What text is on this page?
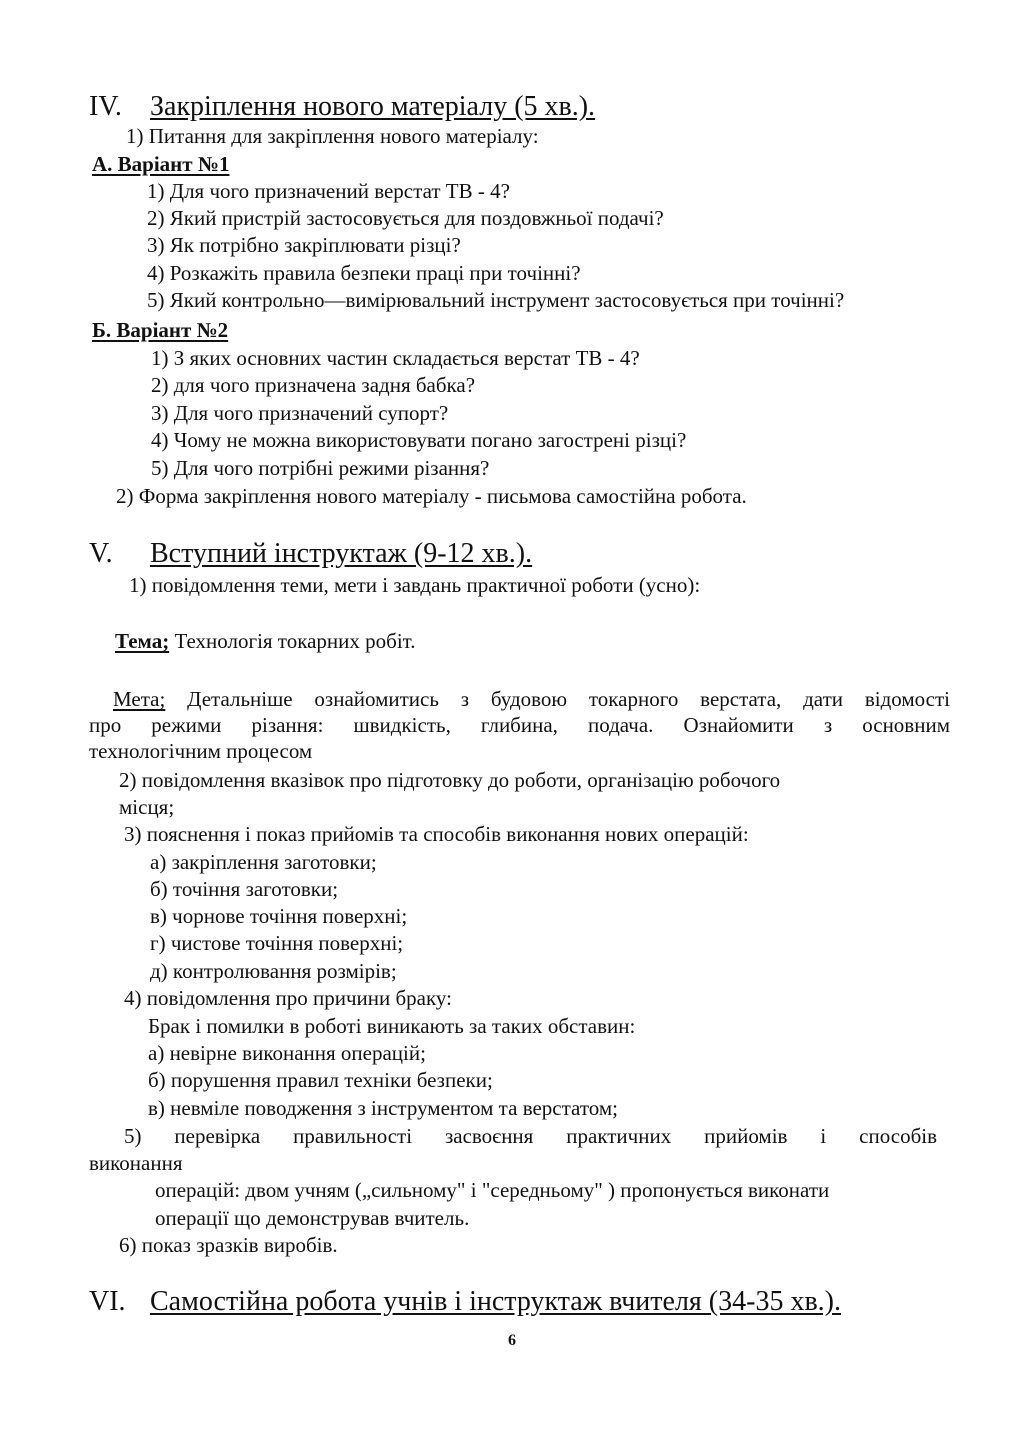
IV. Закріплення нового матеріалу (5 хв.).
1) Питання для закріплення нового матеріалу:
А. Варіант №1
1) Для чого призначений верстат ТВ - 4?
2) Який пристрій застосовується для поздовжньої подачі?
3) Як потрібно закріплювати різці?
4) Розкажіть правила безпеки праці при точінні?
5) Який контрольно—вимірювальний інструмент застосовується при точінні?
Б. Варіант №2
1) З яких основних частин складається верстат ТВ - 4?
2) для чого призначена задня бабка?
3) Для чого призначений супорт?
4) Чому не можна використовувати погано загострені різці?
5) Для чого потрібні режими різання?
2) Форма закріплення нового матеріалу - письмова самостійна робота.
V. Вступний інструктаж (9-12 хв.).
1) повідомлення теми, мети і завдань практичної роботи (усно):
Тема; Технологія токарних робіт.
Мета; Детальніше ознайомитись з будовою токарного верстата, дати відомості
про режими різання: швидкість, глибина, подача. Ознайомити з основним
технологічним процесом
2) повідомлення вказівок про підготовку до роботи, організацію робочого
місця;
3) пояснення і показ прийомів та способів виконання нових операцій:
а) закріплення заготовки;
б) точіння заготовки;
в) чорнове точіння поверхні;
г) чистове точіння поверхні;
д) контролювання розмірів;
4) повідомлення про причини браку:
Брак і помилки в роботі виникають за таких обставин:
а) невірне виконання операцій;
б) порушення правил техніки безпеки;
в) невміле поводження з інструментом та верстатом;
5) перевірка правильності засвоєння практичних прийомів і способів
виконання
операцій: двом учням („сильному" і "середньому" ) пропонується виконати
операції що демонстрував вчитель.
6) показ зразків виробів.
VI. Самостійна робота учнів і інструктаж вчителя (34-35 хв.).
6
